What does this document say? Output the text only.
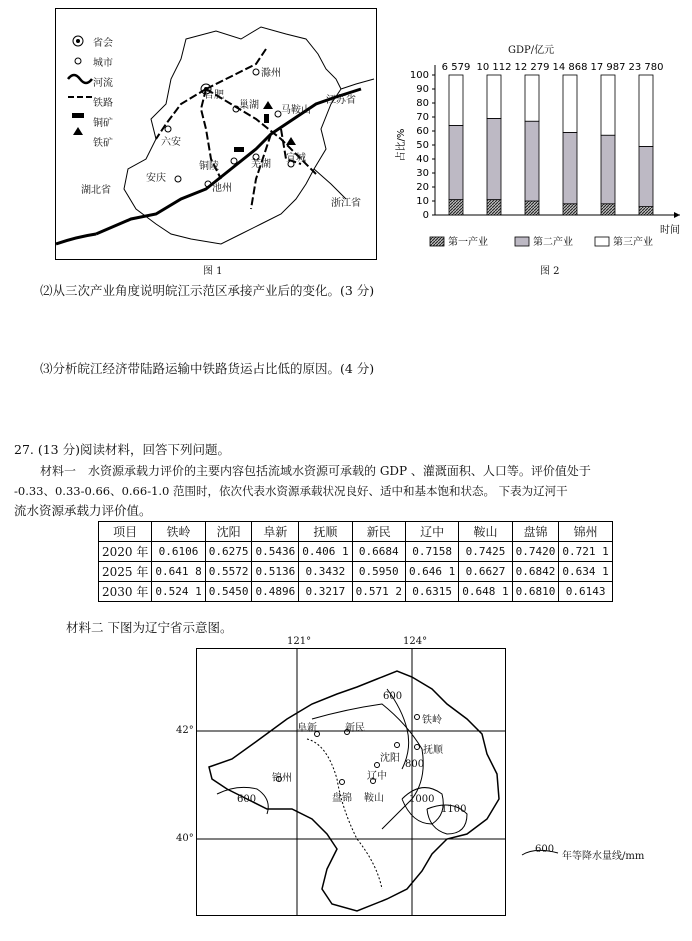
省会
城市
河流
铁路
铜矿
铁矿
滁州
合肥
巢湖 马鞍山
江苏省
六安
安庆
铜陵	芜湖
宣城
池州
湖北省
浙江省
图 1
0
10
20
30
40
50
60
70
80
90
100
占比/%
时间
6 579 10 112 12 279 14 868 17 987 23 780
第一产业	第二产业	第三产业
GDP/亿元
图 2
⑵从三次产业角度说明皖江示范区承接产业后的变化。(3 分)
⑶分析皖江经济带陆路运输中铁路货运占比低的原因。(4 分)
27. (13 分)阅读材料，回答下列问题。
材料一　水资源承载力评价的主要内容包括流域水资源可承载的 GDP 、灌溉面积、人口等。评价值处于
-0.33、0.33-0.66、0.66-1.0 范围时，依次代表水资源承载状况良好、适中和基本饱和状态。 下表为辽河干
流水资源承载力评价值。
项目	铁岭	沈阳	阜新	抚顺	新民	辽中	鞍山	盘锦	锦州
2020 年	0.6106	0.6275	0.5436	0.406 1	0.6684	0.7158	0.7425	0.7420	0.721 1
2025 年	0.641 8	0.5572	0.5136	0.3432	0.5950	0.646 1	0.6627	0.6842	0.634 1
2030 年	0.524 1	0.5450	0.4896	0.3217	0.571 2	0.6315	0.648 1	0.6810	0.6143
材料二 下图为辽宁省示意图。
阜新	新民
铁岭
沈阳
抚顺
辽中
锦州
盘锦 鞍山
600
800
600	1000
1100
121°	124°
42°
40°
600
年等降水量线/mm
